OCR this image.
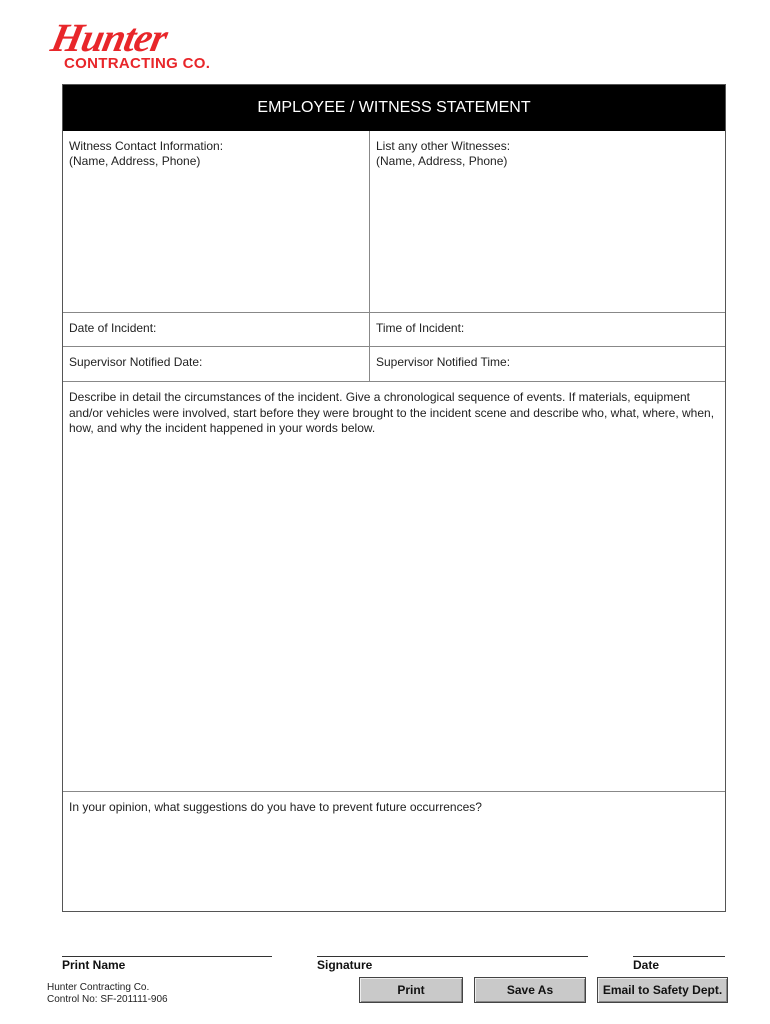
Hunter
CONTRACTING CO.
EMPLOYEE / WITNESS STATEMENT
Witness Contact Information:
(Name, Address, Phone)
List any other Witnesses:
(Name, Address, Phone)
Date of Incident:	Time of Incident:
Supervisor Notified Date:	Supervisor Notified Time:
Describe in detail the circumstances of the incident. Give a chronological sequence of events. If materials, equipment and/or vehicles were involved, start before they were brought to the incident scene and describe who, what, where, when, how, and why the incident happened in your words below.
In your opinion, what suggestions do you have to prevent future occurrences?
Print Name	Signature	Date
Hunter Contracting Co.
Control No: SF-201111-906
Print	Save As	Email to Safety Dept.
